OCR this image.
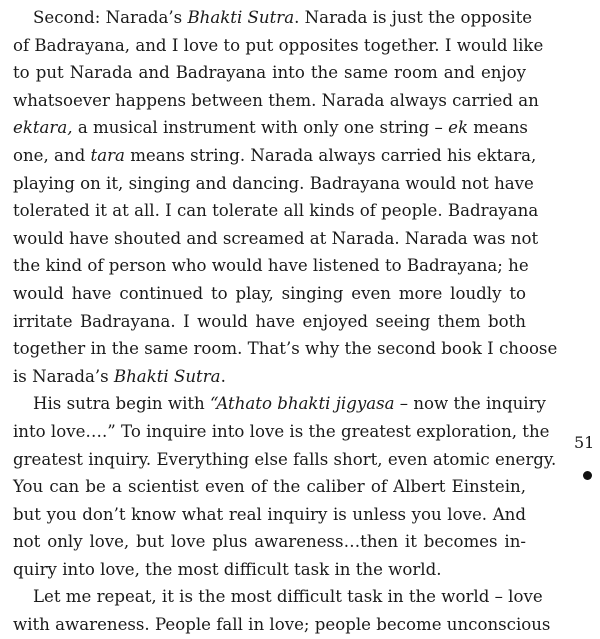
Second: Narada’s Bhakti Sutra. Narada is just the opposite
of Badrayana, and I love to put opposites together. I would like
to put Narada and Badrayana into the same room and enjoy
whatsoever happens between them. Narada always carried an
ektara, a musical instrument with only one string – ek means
one, and tara means string. Narada always carried his ektara,
playing on it, singing and dancing. Badrayana would not have
tolerated it at all. I can tolerate all kinds of people. Badrayana
would have shouted and screamed at Narada. Narada was not
the kind of person who would have listened to Badrayana; he
would have continued to play, singing even more loudly to
irritate Badrayana. I would have enjoyed seeing them both
together in the same room. That’s why the second book I choose
is Narada’s Bhakti Sutra.
His sutra begin with “Athato bhakti jigyasa – now the inquiry
into love….” To inquire into love is the greatest exploration, the
greatest inquiry. Everything else falls short, even atomic energy.
You can be a scientist even of the caliber of Albert Einstein,
but you don’t know what real inquiry is unless you love. And
not only love, but love plus awareness…then it becomes in-
quiry into love, the most difficult task in the world.
Let me repeat, it is the most difficult task in the world – love
with awareness. People fall in love; people become unconscious
51
